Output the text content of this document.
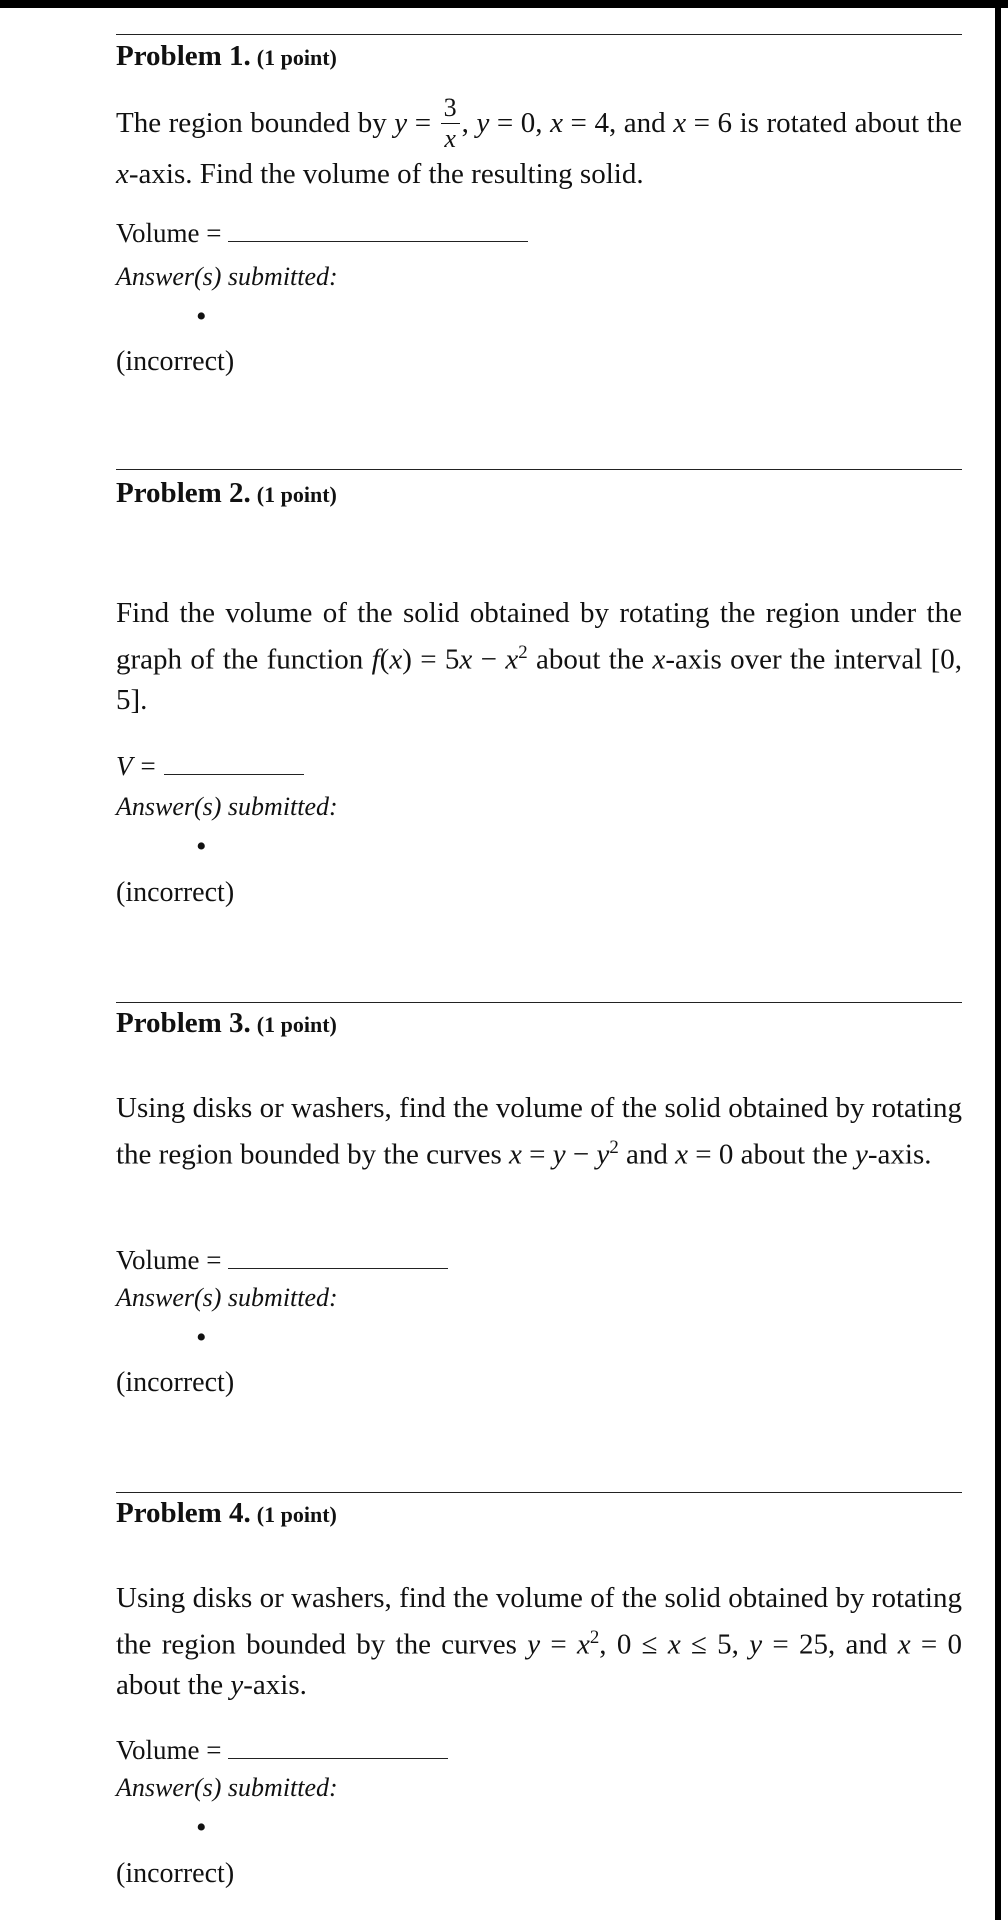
Problem 1. (1 point)
The region bounded by $y = \frac{3}{x}$ , y = 0, x = 4, and x = 6 is rotated about the x-axis. Find the volume of the resulting solid.
Volume =
Answer(s) submitted:
•
(incorrect)
Problem 2. (1 point)
Find the volume of the solid obtained by rotating the region under the graph of the function $f(x) = 5x - x^2$ about the x-axis over the interval [0, 5].
V =
Answer(s) submitted:
•
(incorrect)
Problem 3. (1 point)
Using disks or washers, find the volume of the solid obtained by rotating the region bounded by the curves $x = y - y^2$ and x = 0 about the y-axis.
Volume =
Answer(s) submitted:
•
(incorrect)
Problem 4. (1 point)
Using disks or washers, find the volume of the solid obtained by rotating the region bounded by the curves $y = x^2$, 0 ≤ x ≤ 5, y = 25, and x = 0 about the y-axis.
Volume =
Answer(s) submitted:
•
(incorrect)
